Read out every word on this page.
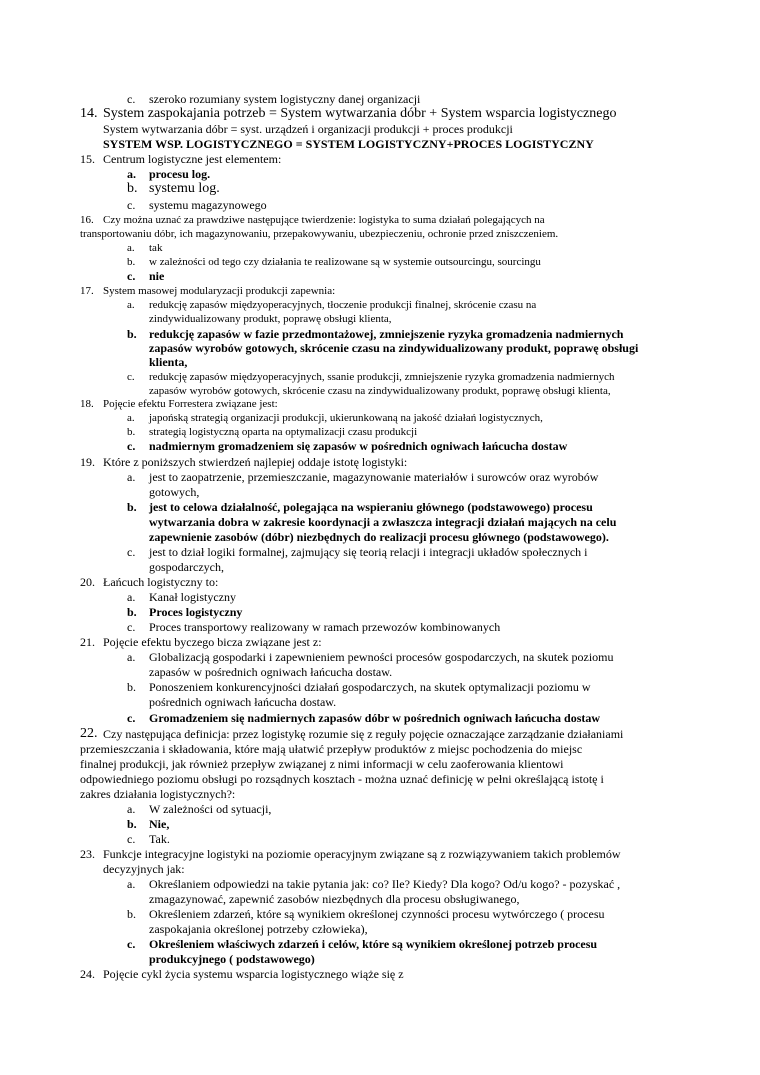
c. szeroko rozumiany system logistyczny danej organizacji
14. System zaspokajania potrzeb = System wytwarzania dóbr + System wsparcia logistycznego
System wytwarzania dóbr = syst. urządzeń i organizacji produkcji + proces produkcji
SYSTEM WSP. LOGISTYCZNEGO = SYSTEM LOGISTYCZNY+PROCES LOGISTYCZNY
15. Centrum logistyczne jest elementem:
a. procesu log.
b. systemu log.
c. systemu magazynowego
16. Czy można uznać za prawdziwe następujące twierdzenie: logistyka to suma działań polegających na
transportowaniu dóbr, ich magazynowaniu, przepakowywaniu, ubezpieczeniu, ochronie przed zniszczeniem.
a. tak
b. w zależności od tego czy działania te realizowane są w systemie outsourcingu, sourcingu
c. nie
17. System masowej modularyzacji produkcji zapewnia:
a. redukcję zapasów międzyoperacyjnych, tłoczenie produkcji finalnej, skrócenie czasu na
zindywidualizowany produkt, poprawę obsługi klienta,
b. redukcję zapasów w fazie przedmontażowej, zmniejszenie ryzyka gromadzenia nadmiernych
zapasów wyrobów gotowych, skrócenie czasu na zindywidualizowany produkt, poprawę obsługi
klienta,
c. redukcję zapasów międzyoperacyjnych, ssanie produkcji, zmniejszenie ryzyka gromadzenia nadmiernych
zapasów wyrobów gotowych, skrócenie czasu na zindywidualizowany produkt, poprawę obsługi klienta,
18. Pojęcie efektu Forrestera związane jest:
a. japońską strategią organizacji produkcji, ukierunkowaną na jakość działań logistycznych,
b. strategią logistyczną oparta na optymalizacji czasu produkcji
c. nadmiernym gromadzeniem się zapasów w pośrednich ogniwach łańcucha dostaw
19. Które z poniższych stwierdzeń najlepiej oddaje istotę logistyki:
a. jest to zaopatrzenie, przemieszczanie, magazynowanie materiałów i surowców oraz wyrobów
gotowych,
b. jest to celowa działalność, polegająca na wspieraniu głównego (podstawowego) procesu
wytwarzania dobra w zakresie koordynacji a zwłaszcza integracji działań mających na celu
zapewnienie zasobów (dóbr) niezbędnych do realizacji procesu głównego (podstawowego).
c. jest to dział logiki formalnej, zajmujący się teorią relacji i integracji układów społecznych i
gospodarczych,
20. Łańcuch logistyczny to:
a. Kanał logistyczny
b. Proces logistyczny
c. Proces transportowy realizowany w ramach przewozów kombinowanych
21. Pojęcie efektu byczego bicza związane jest z:
a. Globalizacją gospodarki i zapewnieniem pewności procesów gospodarczych, na skutek poziomu
zapasów w pośrednich ogniwach łańcucha dostaw.
b. Ponoszeniem konkurencyjności działań gospodarczych, na skutek optymalizacji poziomu w
pośrednich ogniwach łańcucha dostaw.
c. Gromadzeniem się nadmiernych zapasów dóbr w pośrednich ogniwach łańcucha dostaw
22. Czy następująca definicja: przez logistykę rozumie się z reguły pojęcie oznaczające zarządzanie działaniami
przemieszczania i składowania, które mają ułatwić przepływ produktów z miejsc pochodzenia do miejsc
finalnej produkcji, jak również przepływ związanej z nimi informacji w celu zaoferowania klientowi
odpowiedniego poziomu obsługi po rozsądnych kosztach - można uznać definicję w pełni określającą istotę i
zakres działania logistycznych?:
a. W zależności od sytuacji,
b. Nie,
c. Tak.
23. Funkcje integracyjne logistyki na poziomie operacyjnym związane są z rozwiązywaniem takich problemów
decyzyjnych jak:
a. Określaniem odpowiedzi na takie pytania jak: co? Ile? Kiedy? Dla kogo? Od/u kogo? - pozyskać ,
zmagazynować, zapewnić zasobów niezbędnych dla procesu obsługiwanego,
b. Określeniem zdarzeń, które są wynikiem określonej czynności procesu wytwórczego ( procesu
zaspokajania określonej potrzeby człowieka),
c. Określeniem właściwych zdarzeń i celów, które są wynikiem określonej potrzeb procesu
produkcyjnego ( podstawowego)
24. Pojęcie cykl życia systemu wsparcia logistycznego wiąże się z
